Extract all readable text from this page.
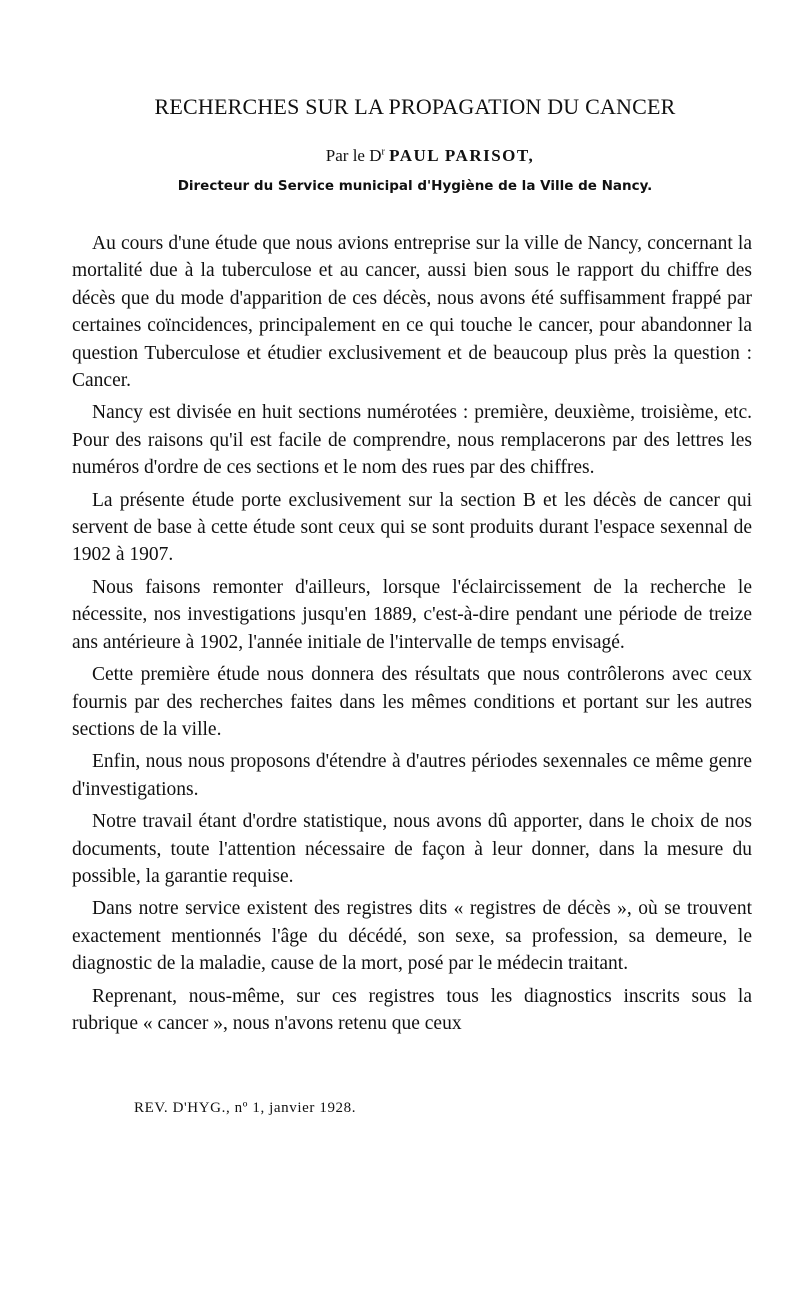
RECHERCHES SUR LA PROPAGATION DU CANCER
Par le $D^r$ PAUL PARISOT,
Directeur du Service municipal d'Hygiène de la Ville de Nancy.

Au cours d'une étude que nous avions entreprise sur la ville de Nancy, concernant la mortalité due à la tuberculose et au cancer, aussi bien sous le rapport du chiffre des décès que du mode d'apparition de ces décès, nous avons été suffisamment frappé par certaines coïncidences, principalement en ce qui touche le cancer, pour abandonner la question Tuberculose et étudier exclusivement et de beaucoup plus près la question : Cancer.

Nancy est divisée en huit sections numérotées : première, deuxième, troisième, etc. Pour des raisons qu'il est facile de comprendre, nous remplacerons par des lettres les numéros d'ordre de ces sections et le nom des rues par des chiffres.

La présente étude porte exclusivement sur la section B et les décès de cancer qui servent de base à cette étude sont ceux qui se sont produits durant l'espace sexennal de 1902 à 1907.

Nous faisons remonter d'ailleurs, lorsque l'éclaircissement de la recherche le nécessite, nos investigations jusqu'en 1889, c'est-à-dire pendant une période de treize ans antérieure à 1902, l'année initiale de l'intervalle de temps envisagé.

Cette première étude nous donnera des résultats que nous contrôlerons avec ceux fournis par des recherches faites dans les mêmes conditions et portant sur les autres sections de la ville.

Enfin, nous nous proposons d'étendre à d'autres périodes sexennales ce même genre d'investigations.

Notre travail étant d'ordre statistique, nous avons dû apporter, dans le choix de nos documents, toute l'attention nécessaire de façon à leur donner, dans la mesure du possible, la garantie requise.

Dans notre service existent des registres dits « registres de décès », où se trouvent exactement mentionnés l'âge du décédé, son sexe, sa profession, sa demeure, le diagnostic de la maladie, cause de la mort, posé par le médecin traitant.

Reprenant, nous-même, sur ces registres tous les diagnostics inscrits sous la rubrique « cancer », nous n'avons retenu que ceux

REV. D'HYG., nº 1, janvier 1928.
